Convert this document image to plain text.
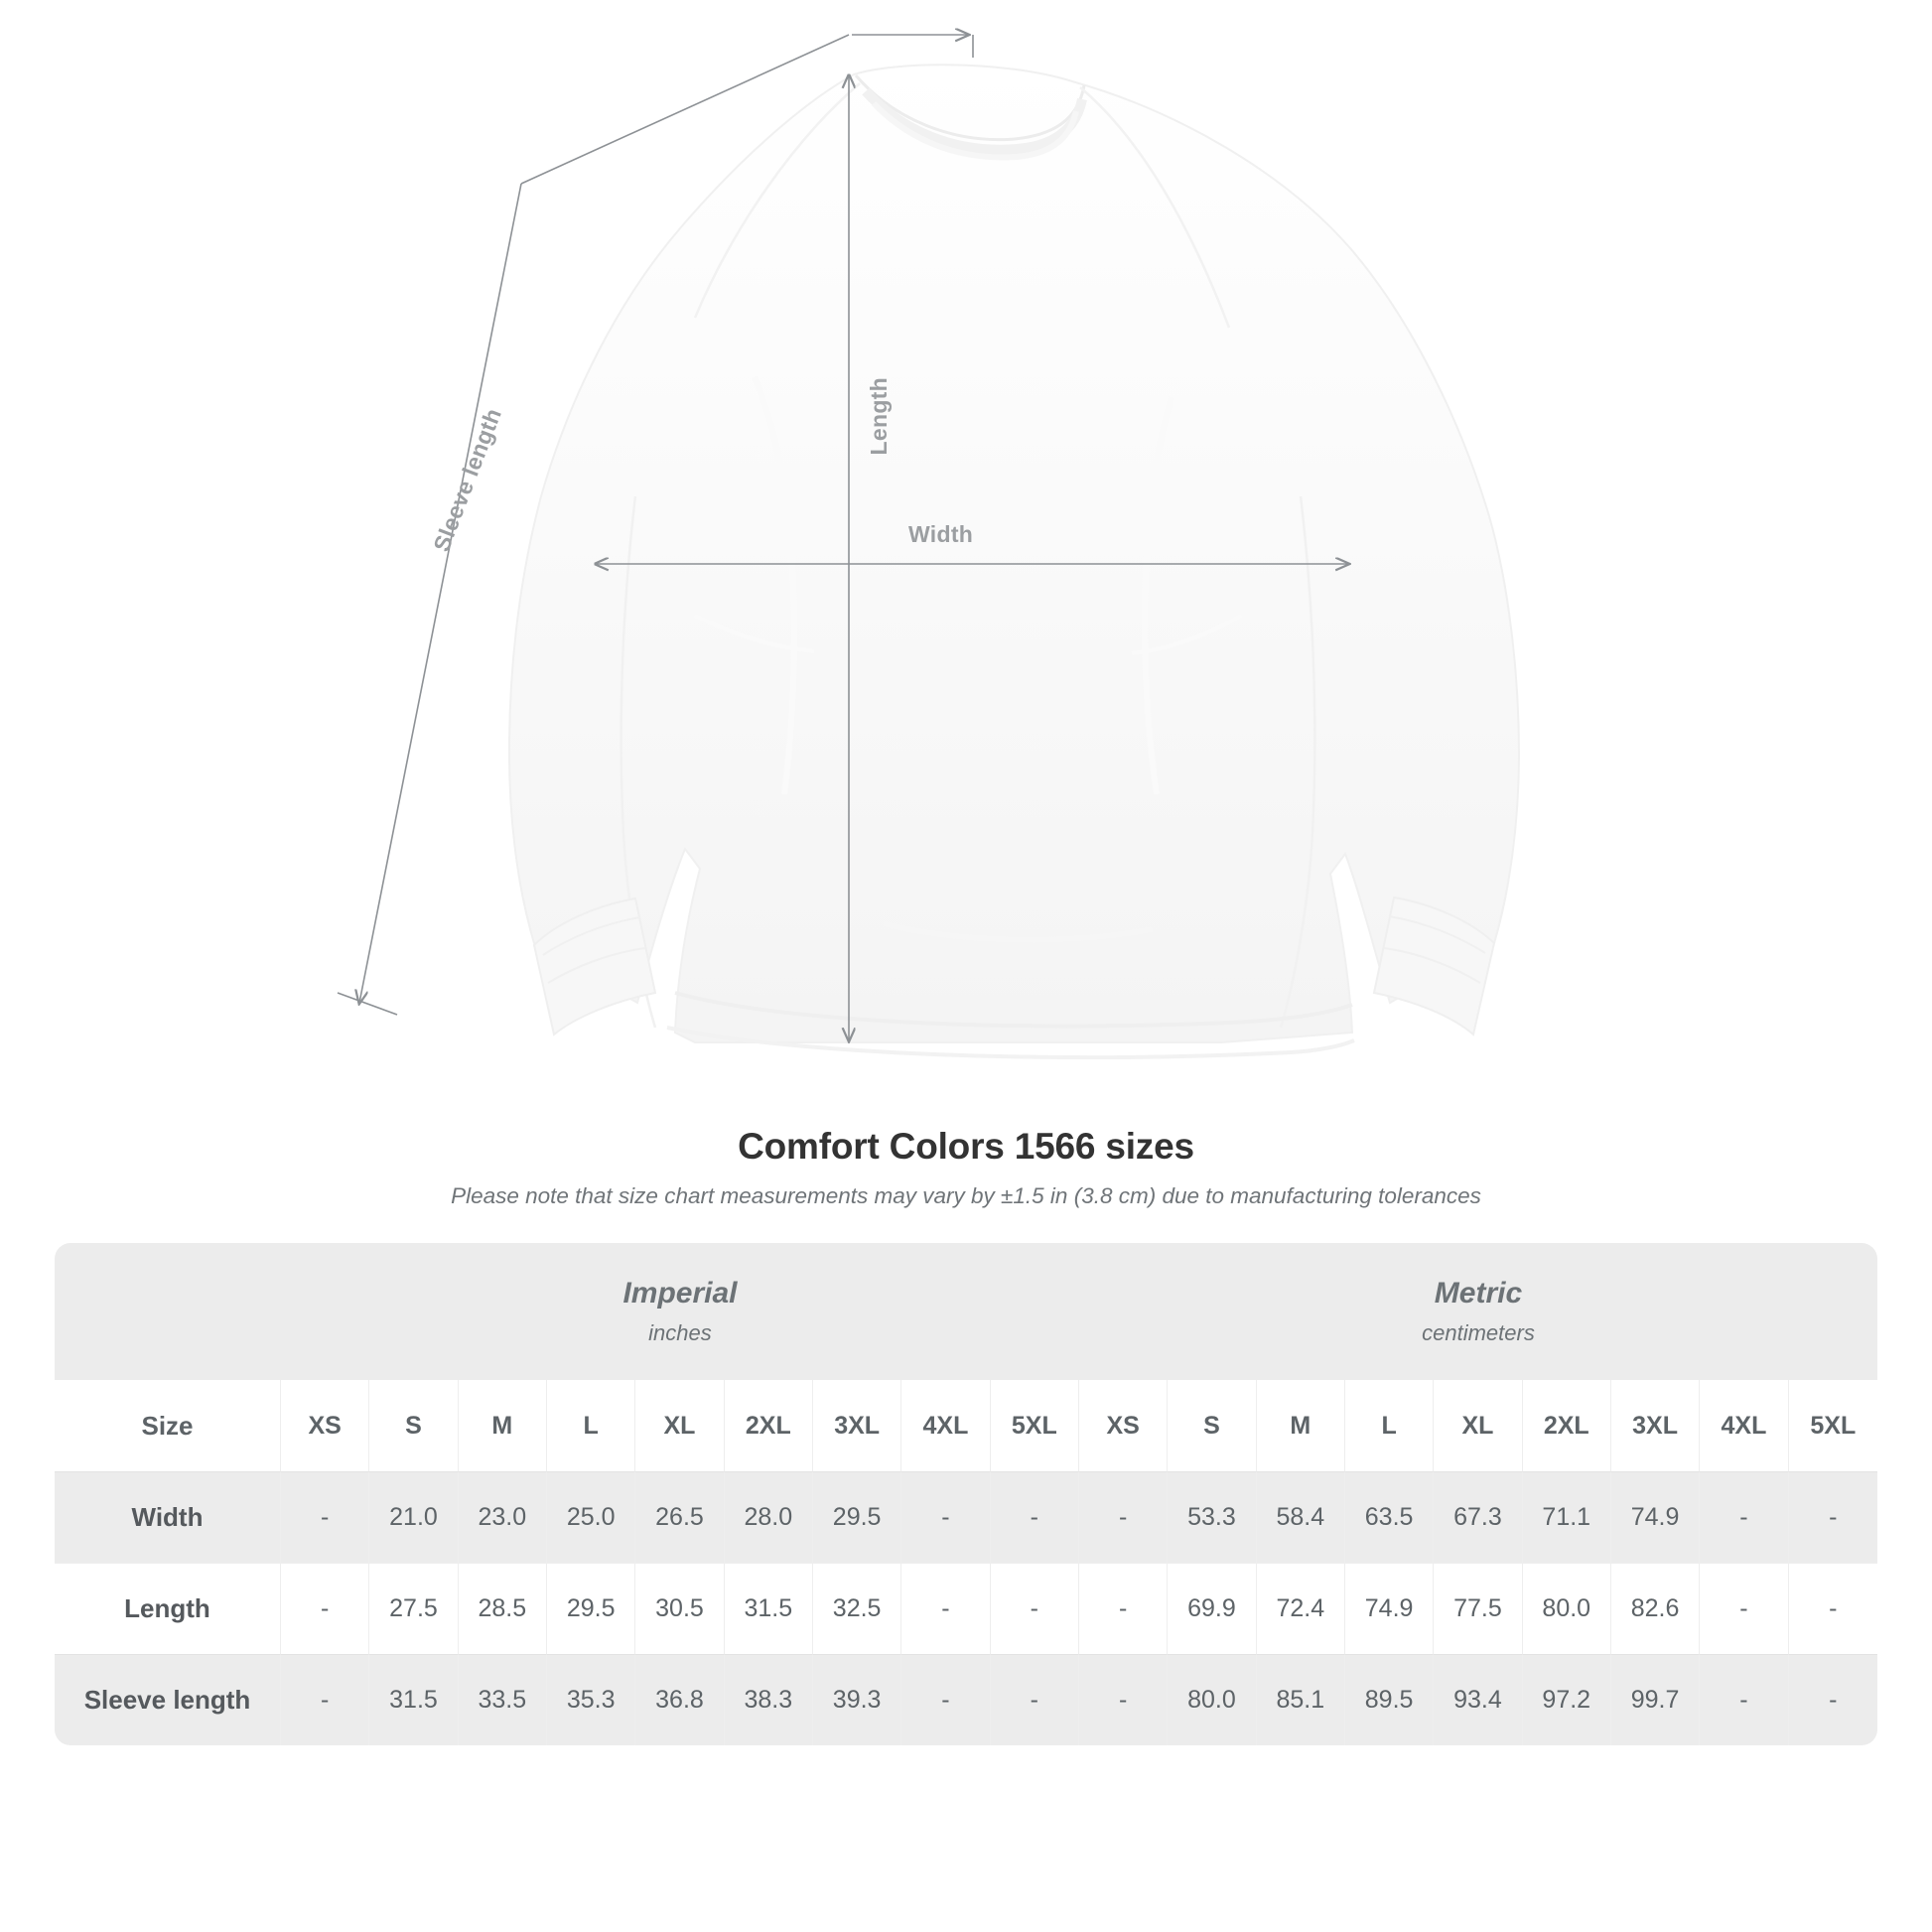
Width
Length
Sleeve length
Comfort Colors 1566 sizes
Please note that size chart measurements may vary by ±1.5 in (3.8 cm) due to manufacturing tolerances

Imperial
inches

Metric
centimeters

Size	XS	S	M	L	XL	2XL	3XL	4XL	5XL	XS	S	M	L	XL	2XL	3XL	4XL	5XL
Width	-	21.0	23.0	25.0	26.5	28.0	29.5	-	-	-	53.3	58.4	63.5	67.3	71.1	74.9	-	-
Length	-	27.5	28.5	29.5	30.5	31.5	32.5	-	-	-	69.9	72.4	74.9	77.5	80.0	82.6	-	-
Sleeve length	-	31.5	33.5	35.3	36.8	38.3	39.3	-	-	-	80.0	85.1	89.5	93.4	97.2	99.7	-	-
